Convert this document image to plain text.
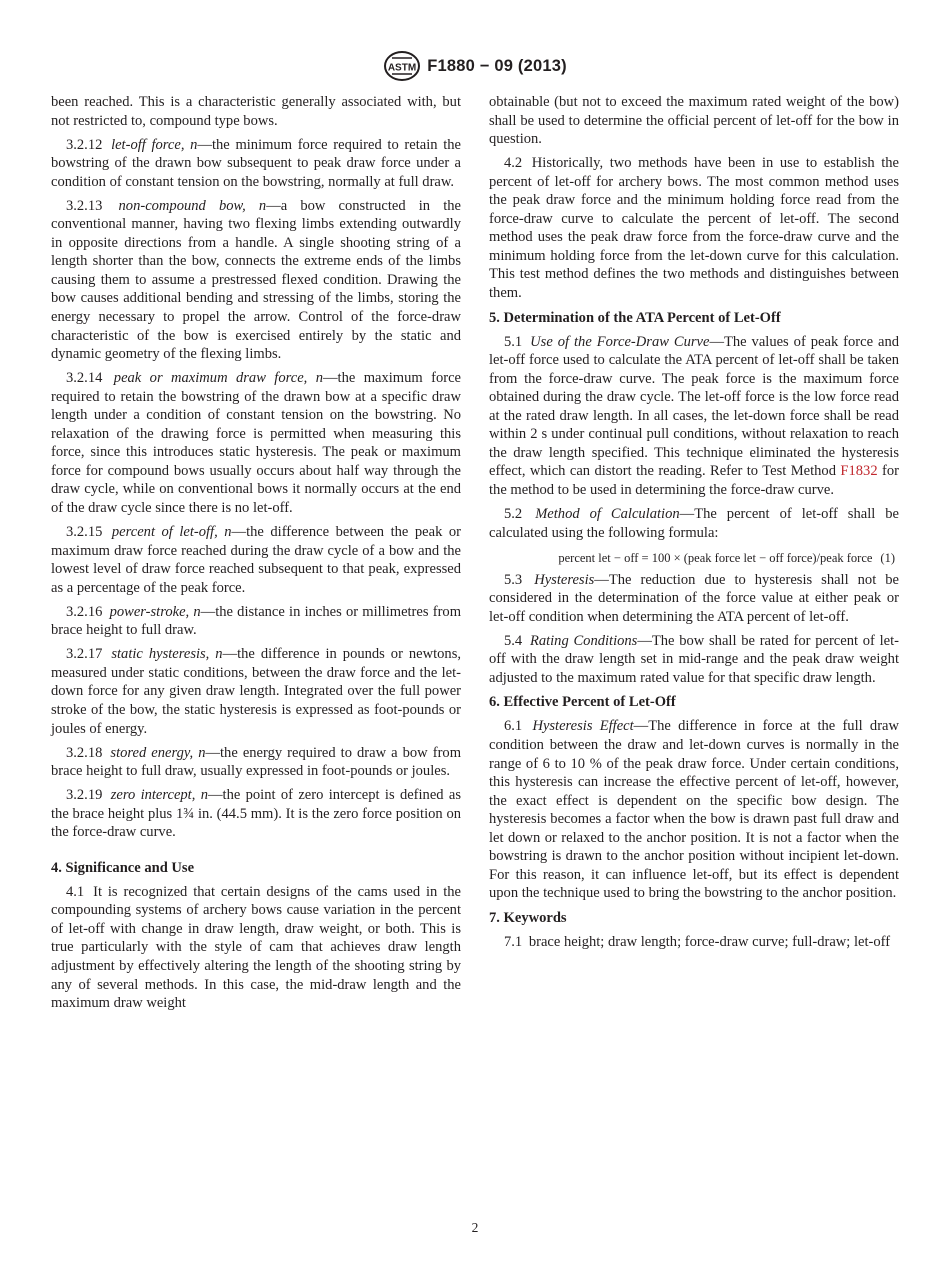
ASTM F1880 − 09 (2013)

been reached. This is a characteristic generally associated with, but not restricted to, compound type bows.

3.2.12 let-off force, n—the minimum force required to retain the bowstring of the drawn bow subsequent to peak draw force under a condition of constant tension on the bowstring, normally at full draw.

3.2.13 non-compound bow, n—a bow constructed in the conventional manner, having two flexing limbs extending outwardly in opposite directions from a handle. A single shooting string of a length shorter than the bow, connects the extreme ends of the limbs causing them to assume a prestressed flexed condition. Drawing the bow causes additional bending and stressing of the limbs, storing the energy necessary to propel the arrow. Control of the force-draw characteristic of the bow is exercised entirely by the static and dynamic geometry of the flexing limbs.

3.2.14 peak or maximum draw force, n—the maximum force required to retain the bowstring of the drawn bow at a specific draw length under a condition of constant tension on the bowstring. No relaxation of the drawing force is permitted when measuring this force, since this introduces static hysteresis. The peak or maximum force for compound bows usually occurs about half way through the draw cycle, while on conventional bows it normally occurs at the end of the draw cycle since there is no let-off.

3.2.15 percent of let-off, n—the difference between the peak or maximum draw force reached during the draw cycle of a bow and the lowest level of draw force reached subsequent to that peak, expressed as a percentage of the peak force.

3.2.16 power-stroke, n—the distance in inches or millimetres from brace height to full draw.

3.2.17 static hysteresis, n—the difference in pounds or newtons, measured under static conditions, between the draw force and the let-down force for any given draw length. Integrated over the full power stroke of the bow, the static hysteresis is expressed as foot-pounds or joules of energy.

3.2.18 stored energy, n—the energy required to draw a bow from brace height to full draw, usually expressed in foot-pounds or joules.

3.2.19 zero intercept, n—the point of zero intercept is defined as the brace height plus 1¾ in. (44.5 mm). It is the zero force position on the force-draw curve.

4. Significance and Use

4.1 It is recognized that certain designs of the cams used in the compounding systems of archery bows cause variation in the percent of let-off with change in draw length, draw weight, or both. This is true particularly with the style of cam that achieves draw length adjustment by effectively altering the length of the shooting string by any of several methods. In this case, the mid-draw length and the maximum draw weight

obtainable (but not to exceed the maximum rated weight of the bow) shall be used to determine the official percent of let-off for the bow in question.

4.2 Historically, two methods have been in use to establish the percent of let-off for archery bows. The most common method uses the peak draw force and the minimum holding force read from the force-draw curve to calculate the percent of let-off. The second method uses the peak draw force from the force-draw curve and the minimum holding force from the let-down curve for this calculation. This test method defines the two methods and distinguishes between them.

5. Determination of the ATA Percent of Let-Off

5.1 Use of the Force-Draw Curve—The values of peak force and let-off force used to calculate the ATA percent of let-off shall be taken from the force-draw curve. The peak force is the maximum force obtained during the draw cycle. The let-off force is the low force read at the rated draw length. In all cases, the let-down force shall be read within 2 s under continual pull conditions, without relaxation to reach the draw length specified. This technique eliminated the hysteresis effect, which can distort the reading. Refer to Test Method F1832 for the method to be used in determining the force-draw curve.

5.2 Method of Calculation—The percent of let-off shall be calculated using the following formula:

percent let − off = 100 × (peak force let − off force)/peak force (1)

5.3 Hysteresis—The reduction due to hysteresis shall not be considered in the determination of the force value at either peak or let-off condition when determining the ATA percent of let-off.

5.4 Rating Conditions—The bow shall be rated for percent of let-off with the draw length set in mid-range and the peak draw weight adjusted to the maximum rated value for that specific draw length.

6. Effective Percent of Let-Off

6.1 Hysteresis Effect—The difference in force at the full draw condition between the draw and let-down curves is normally in the range of 6 to 10 % of the peak draw force. Under certain conditions, this hysteresis can increase the effective percent of let-off, however, the exact effect is dependent on the specific bow design. The hysteresis becomes a factor when the bow is drawn past full draw and let down or relaxed to the anchor position. It is not a factor when the bowstring is drawn to the anchor position without incipient let-down. For this reason, it can influence let-off, but its effect is dependent upon the technique used to bring the bowstring to the anchor position.

7. Keywords

7.1 brace height; draw length; force-draw curve; full-draw; let-off

2
